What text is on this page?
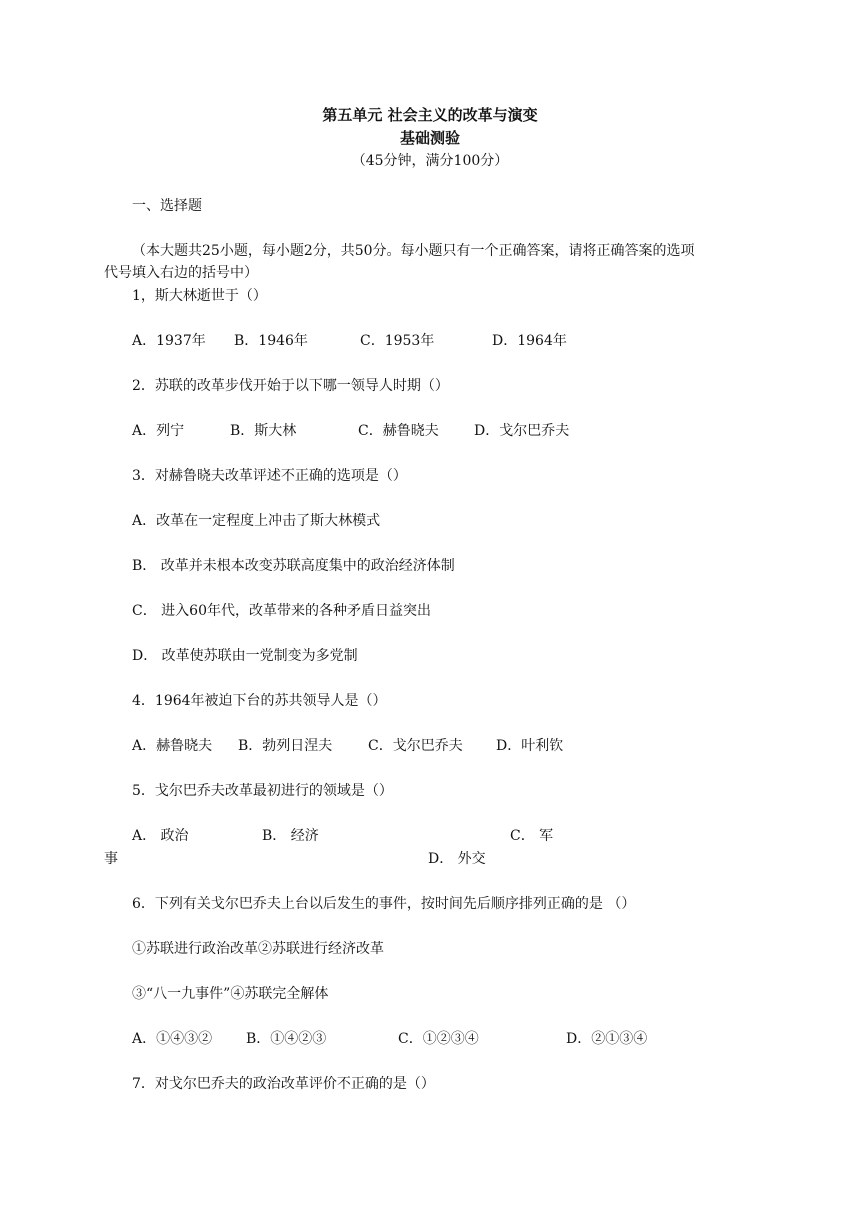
第五单元 社会主义的改革与演变
基础测验
（45分钟，满分100分）
一、选择题
（本大题共25小题，每小题2分，共50分。每小题只有一个正确答案，请将正确答案的选项
代号填入右边的括号中）
1，斯大林逝世于（）
A．1937年 B．1946年	C．1953年	D．1964年
2．苏联的改革步伐开始于以下哪一领导人时期（）
A．列宁	B．斯大林	C．赫鲁晓夫	D．戈尔巴乔夫
3．对赫鲁晓夫改革评述不正确的选项是（）
A．改革在一定程度上冲击了斯大林模式
B． 改革并未根本改变苏联高度集中的政治经济体制
C． 进入60年代，改革带来的各种矛盾日益突出
D． 改革使苏联由一党制变为多党制
4．1964年被迫下台的苏共领导人是（）
A．赫鲁晓夫 B．勃列日涅夫	C．戈尔巴乔夫 D．叶利钦
5．戈尔巴乔夫改革最初进行的领域是（）
A． 政治	B． 经济	C． 军
事	D． 外交
6．下列有关戈尔巴乔夫上台以后发生的事件，按时间先后顺序排列正确的是 （）
①苏联进行政治改革②苏联进行经济改革
③“八一九事件”④苏联完全解体
A．①④③② B．①④②③	C．①②③④	D．②①③④
7．对戈尔巴乔夫的政治改革评价不正确的是（）
